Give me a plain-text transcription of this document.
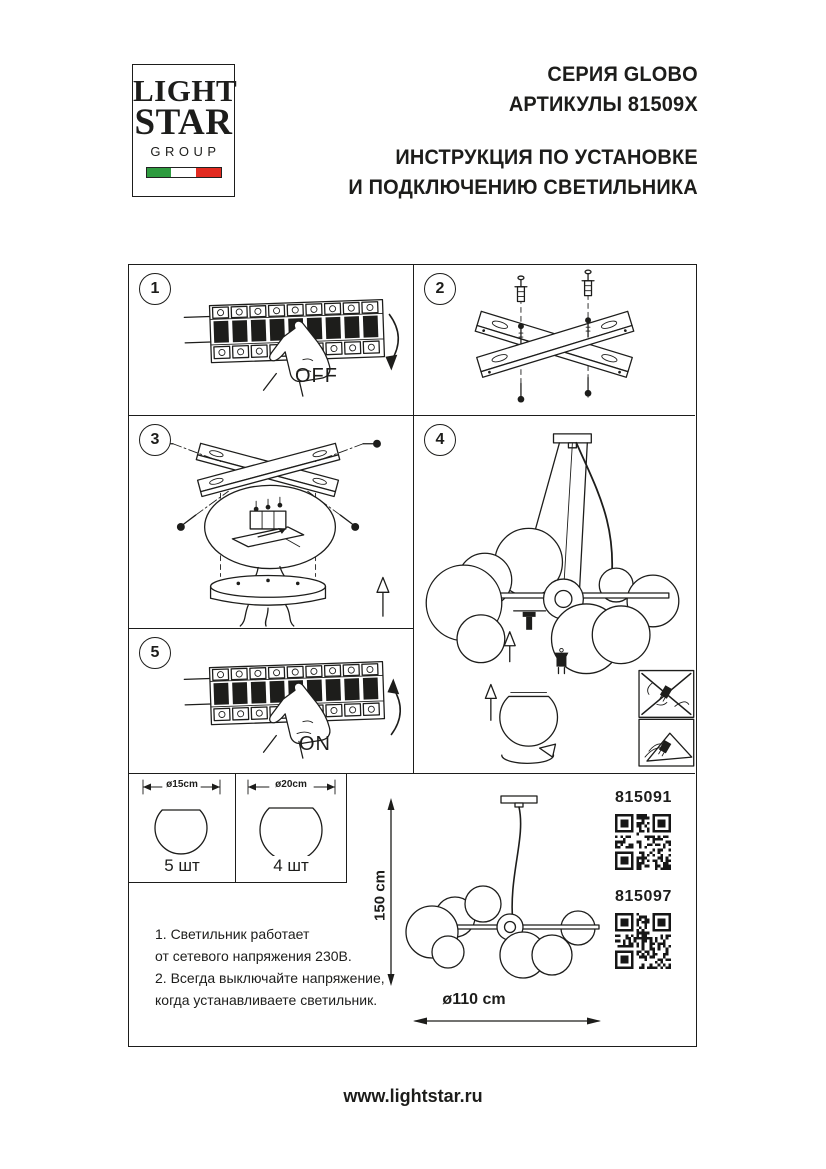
LIGHT
STAR
GROUP
СЕРИЯ GLOBO
АРТИКУЛЫ 81509X
ИНСТРУКЦИЯ ПО УСТАНОВКЕ
И ПОДКЛЮЧЕНИЮ СВЕТИЛЬНИКА
1
OFF
2
3	4
5
ON
ø15cm
5 шт
ø20cm
4 шт
1. Светильник работает
от сетевого напряжения 230В.
2. Всегда выключайте напряжение,
когда устанавливаете светильник.
150 cm
ø110 cm
815091
815097
www.lightstar.ru
